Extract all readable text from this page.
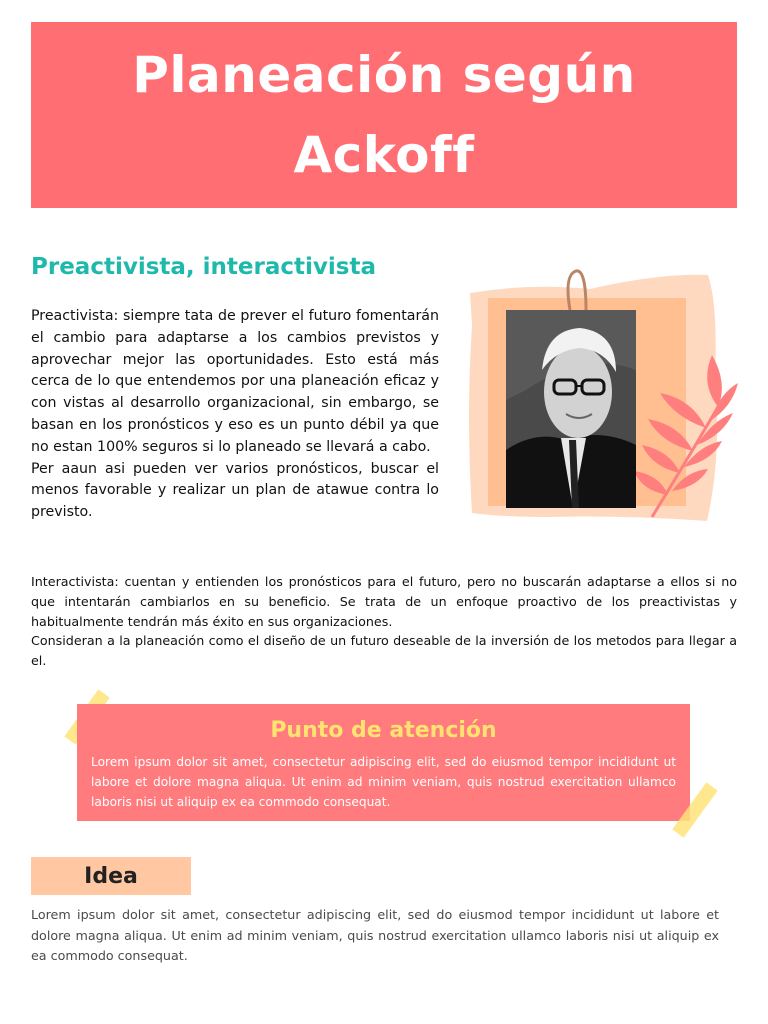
Planeación según Ackoff
Preactivista, interactivista

Preactivista: siempre tata de prever el futuro fomentarán el cambio para adaptarse a los cambios previstos y aprovechar mejor las oportunidades. Esto está más cerca de lo que entendemos por una planeación eficaz y con vistas al desarrollo organizacional, sin embargo, se basan en los pronósticos y eso es un punto débil ya que no estan 100% seguros si lo planeado se llevará a cabo.

Per aaun asi pueden ver varios pronósticos, buscar el menos favorable y realizar un plan de atawue contra lo previsto.

Interactivista: cuentan y entienden los pronósticos para el futuro, pero no buscarán adaptarse a ellos si no que intentarán cambiarlos en su beneficio. Se trata de un enfoque proactivo de los preactivistas y habitualmente tendrán más éxito en sus organizaciones.

Consideran a la planeación como el diseño de un futuro deseable de la inversión de los metodos para llegar a el.

Punto de atención

Lorem ipsum dolor sit amet, consectetur adipiscing elit, sed do eiusmod tempor incididunt ut labore et dolore magna aliqua. Ut enim ad minim veniam, quis nostrud exercitation ullamco laboris nisi ut aliquip ex ea commodo consequat.

Idea

Lorem ipsum dolor sit amet, consectetur adipiscing elit, sed do eiusmod tempor incididunt ut labore et dolore magna aliqua. Ut enim ad minim veniam, quis nostrud exercitation ullamco laboris nisi ut aliquip ex ea commodo consequat.
